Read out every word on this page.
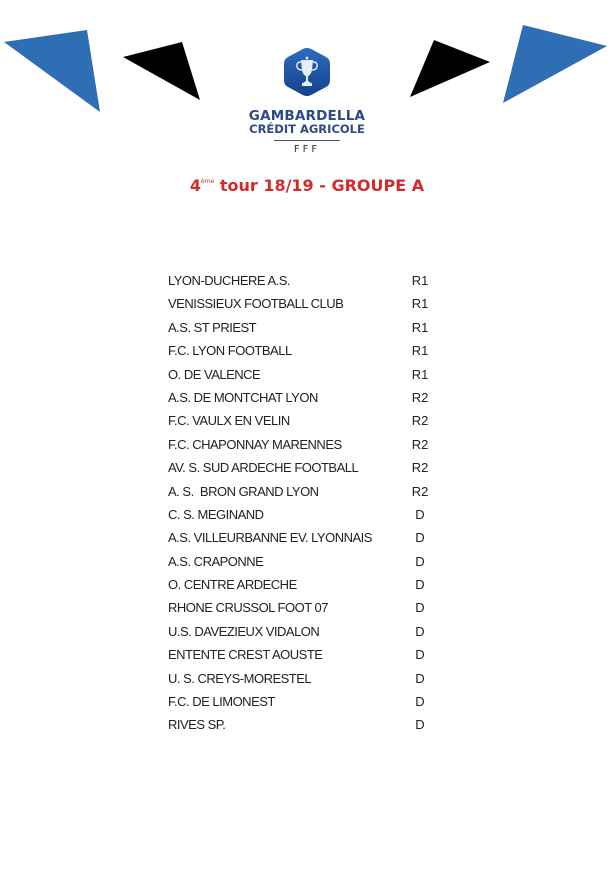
GAMBARDELLA
CRÉDIT AGRICOLE
FFF
4ème tour 18/19 - GROUPE A
LYON-DUCHERE A.S.	R1
VENISSIEUX FOOTBALL CLUB	R1
A.S. ST PRIEST	R1
F.C. LYON FOOTBALL	R1
O. DE VALENCE	R1
A.S. DE MONTCHAT LYON	R2
F.C. VAULX EN VELIN	R2
F.C. CHAPONNAY MARENNES	R2
AV. S. SUD ARDECHE FOOTBALL	R2
A. S.  BRON GRAND LYON	R2
C. S. MEGINAND	D
A.S. VILLEURBANNE EV. LYONNAIS	D
A.S. CRAPONNE	D
O. CENTRE ARDECHE	D
RHONE CRUSSOL FOOT 07	D
U.S. DAVEZIEUX VIDALON	D
ENTENTE CREST AOUSTE	D
U. S. CREYS-MORESTEL	D
F.C. DE LIMONEST	D
RIVES SP.	D
